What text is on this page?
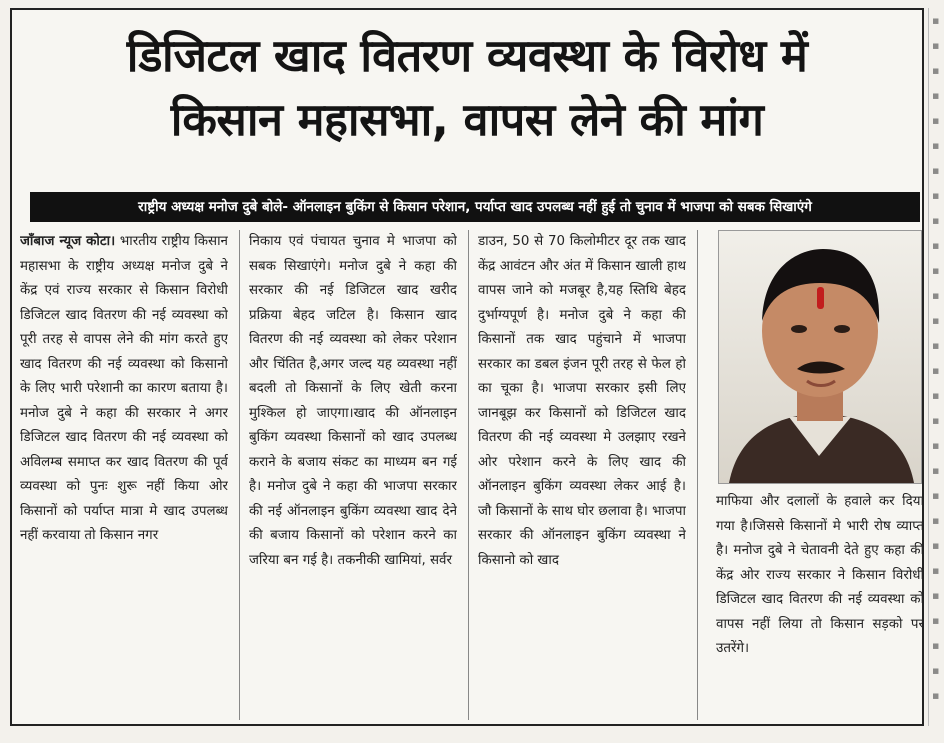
डिजिटल खाद वितरण व्यवस्था के विरोध में
किसान महासभा, वापस लेने की मांग
राष्ट्रीय अध्यक्ष मनोज दुबे बोले- ऑनलाइन बुकिंग से किसान परेशान, पर्याप्त खाद उपलब्ध नहीं हुई तो चुनाव में भाजपा को सबक सिखाएंगे
जाँबाज न्यूज कोटा। भारतीय राष्ट्रीय किसान महासभा के राष्ट्रीय अध्यक्ष मनोज दुबे ने केंद्र एवं राज्य सरकार से किसान विरोधी डिजिटल खाद वितरण की नई व्यवस्था को पूरी तरह से वापस लेने की मांग करते हुए खाद वितरण की नई व्यवस्था को किसानो के लिए भारी परेशानी का कारण बताया है। मनोज दुबे ने कहा की सरकार ने अगर डिजिटल खाद वितरण की नई व्यवस्था को अविलम्ब समाप्त कर खाद वितरण की पूर्व व्यवस्था को पुनः शुरू नहीं किया ओर किसानों को पर्याप्त मात्रा मे खाद उपलब्ध नहीं करवाया तो किसान नगर
निकाय एवं पंचायत चुनाव मे भाजपा को सबक सिखाएंगे। मनोज दुबे ने कहा की सरकार की नई डिजिटल खाद खरीद प्रक्रिया बेहद जटिल है। किसान खाद वितरण की नई व्यवस्था को लेकर परेशान और चिंतित है,अगर जल्द यह व्यवस्था नहीं बदली तो किसानों के लिए खेती करना मुश्किल हो जाएगा।खाद की ऑनलाइन बुकिंग व्यवस्था किसानों को खाद उपलब्ध कराने के बजाय संकट का माध्यम बन गई है। मनोज दुबे ने कहा की भाजपा सरकार की नई ऑनलाइन बुकिंग व्यवस्था खाद देने की बजाय किसानों को परेशान करने का जरिया बन गई है। तकनीकी खामियां, सर्वर
डाउन, 50 से 70 किलोमीटर दूर तक खाद केंद्र आवंटन और अंत में किसान खाली हाथ वापस जाने को मजबूर है,यह स्तिथि बेहद दुर्भाग्यपूर्ण है। मनोज दुबे ने कहा की किसानों तक खाद पहुंचाने में भाजपा सरकार का डबल इंजन पूरी तरह से फेल हो का चूका है। भाजपा सरकार इसी लिए जानबूझ कर किसानों को डिजिटल खाद वितरण की नई व्यवस्था मे उलझाए रखने ओर परेशान करने के लिए खाद की ऑनलाइन बुकिंग व्यवस्था लेकर आई है। जौ किसानों के साथ घोर छलावा है। भाजपा सरकार की ऑनलाइन बुकिंग व्यवस्था ने किसानो को खाद
माफिया और दलालों के हवाले कर दिया गया है।जिससे किसानों मे भारी रोष व्याप्त है। मनोज दुबे ने चेतावनी देते हुए कहा की केंद्र ओर राज्य सरकार ने किसान विरोधी डिजिटल खाद वितरण की नई व्यवस्था को वापस नहीं लिया तो किसान सड़को पर उतरेंगे।
▪
▪
▪
▪
▪
▪
▪
▪
▪
▪
▪
▪
▪
▪
▪
▪
▪
▪
▪
▪
▪
▪
▪
▪
▪
▪
▪
▪
